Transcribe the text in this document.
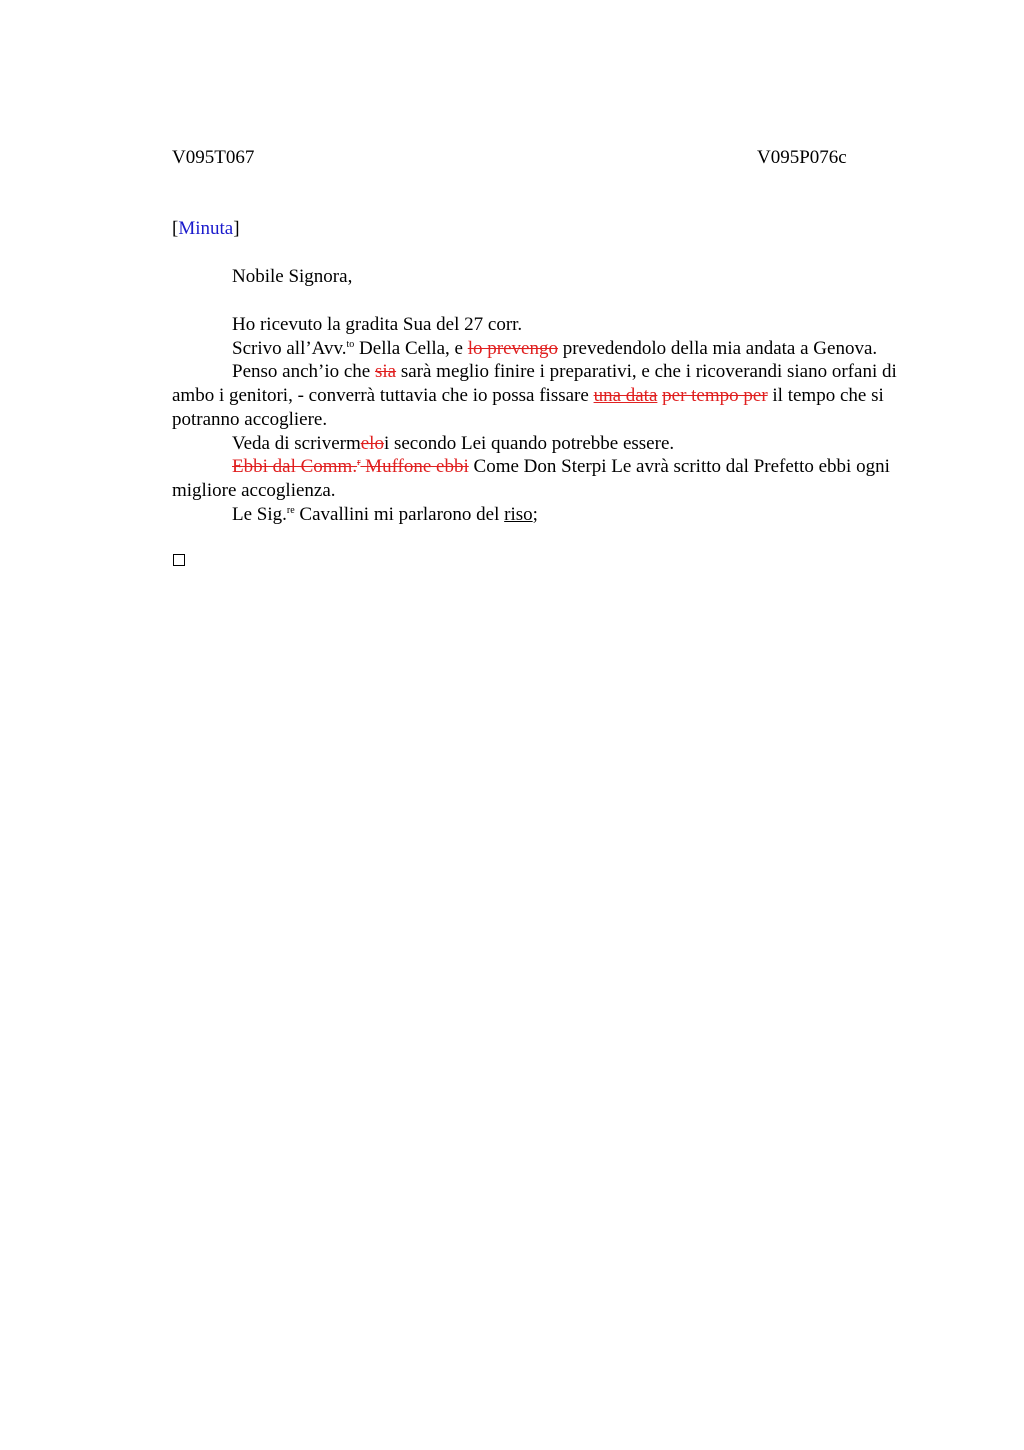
V095T067	V095P076c
[Minuta]
Nobile Signora,

Ho ricevuto la gradita Sua del 27 corr.

Scrivo all’Avv.$^{to}$ Della Cella, e lo prevengo prevedendolo della mia andata a Genova.

Penso anch’io che sia sarà meglio finire i preparativi, e che i ricoverandi siano orfani di ambo i genitori, - converrà tuttavia che io possa fissare una data per tempo per il tempo che si potranno accogliere.

Veda di scrivermeloi secondo Lei quando potrebbe essere.

Ebbi dal Comm.$^r$ Muffone ebbi Come Don Sterpi Le avrà scritto dal Prefetto ebbi ogni migliore accoglienza.

Le Sig.$^{re}$ Cavallini mi parlarono del riso;
